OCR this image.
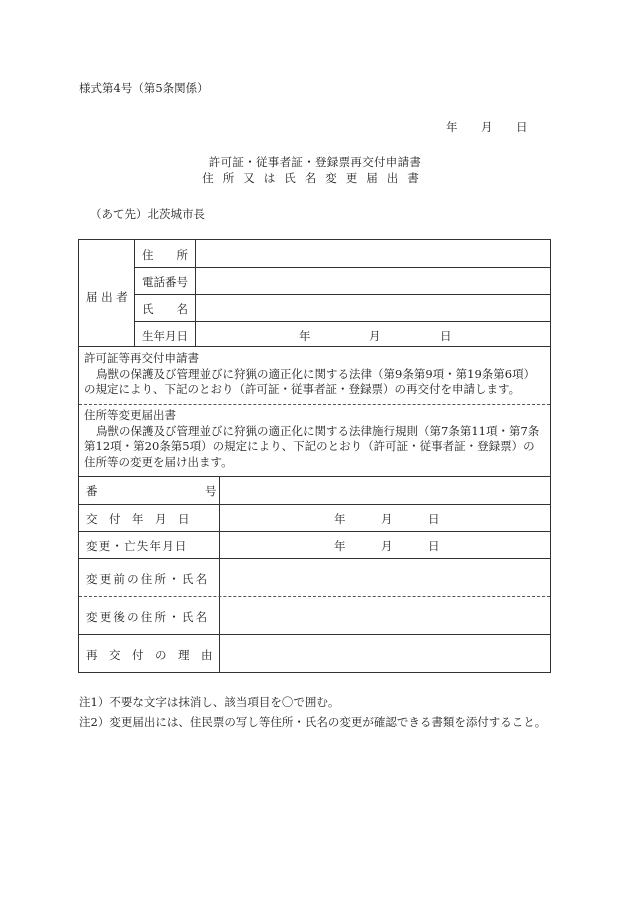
様式第4号（第5条関係）
年 月 日
許可証・従事者証・登録票再交付申請書
住所又は氏名変更届出書
（あて先）北茨城市長
届 出 者
住　　所
電話番号
氏　　名
生年月日	年	月	日
許可証等再交付申請書
鳥獣の保護及び管理並びに狩猟の適正化に関する法律（第9条第9項・第19条第6項）の規定により、下記のとおり（許可証・従事者証・登録票）の再交付を申請します。
住所等変更届出書
鳥獣の保護及び管理並びに狩猟の適正化に関する法律施行規則（第7条第11項・第7条第12項・第20条第5項）の規定により、下記のとおり（許可証・従事者証・登録票）の住所等の変更を届け出ます。
番	号
交　付　年　月　日	年	月	日
変更・亡失年月日	年	月	日
変更前の住所・氏名
変更後の住所・氏名
再　交　付　の　理　由
注1）不要な文字は抹消し、該当項目を〇で囲む。
注2）変更届出には、住民票の写し等住所・氏名の変更が確認できる書類を添付すること。
